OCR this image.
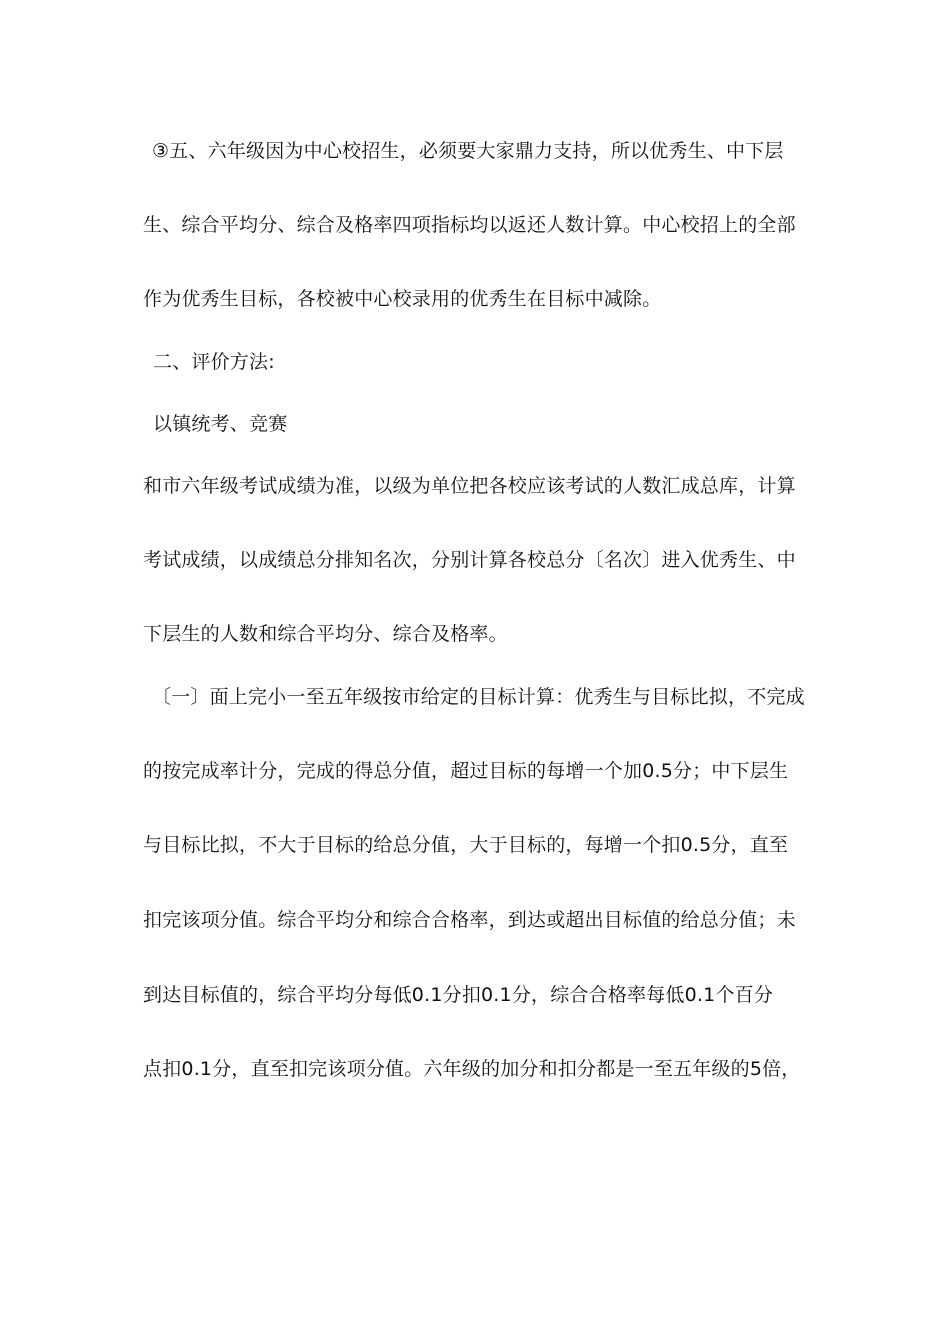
③五、六年级因为中心校招生，必须要大家鼎力支持，所以优秀生、中下层
生、综合平均分、综合及格率四项指标均以返还人数计算。中心校招上的全部
作为优秀生目标，各校被中心校录用的优秀生在目标中减除。
二、评价方法:
以镇统考、竞赛
和市六年级考试成绩为准，以级为单位把各校应该考试的人数汇成总库，计算
考试成绩，以成绩总分排知名次，分别计算各校总分〔名次〕进入优秀生、中
下层生的人数和综合平均分、综合及格率。
〔一〕面上完小一至五年级按市给定的目标计算：优秀生与目标比拟，不完成
的按完成率计分，完成的得总分值，超过目标的每增一个加0.5分；中下层生
与目标比拟，不大于目标的给总分值，大于目标的，每增一个扣0.5分，直至
扣完该项分值。综合平均分和综合合格率，到达或超出目标值的给总分值；未
到达目标值的，综合平均分每低0.1分扣0.1分，综合合格率每低0.1个百分
点扣0.1分，直至扣完该项分值。六年级的加分和扣分都是一至五年级的5倍，
